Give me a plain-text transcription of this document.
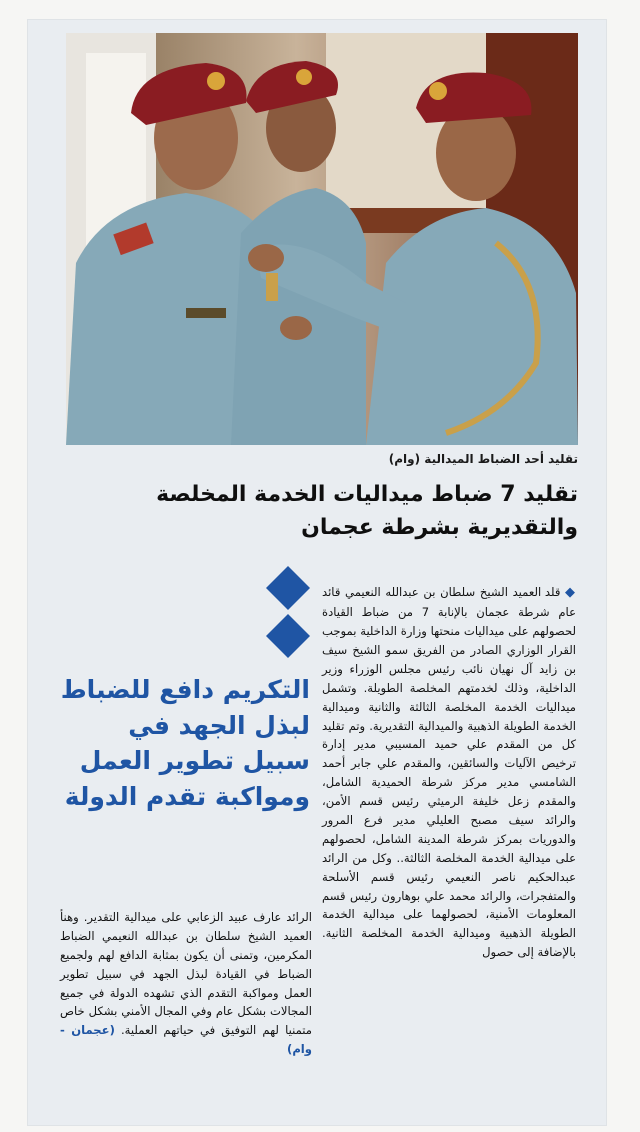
تقليد أحد الضباط الميدالية (وام)
تقليد 7 ضباط ميداليات الخدمة المخلصة والتقديرية بشرطة عجمان
التكريم دافع للضباط لبذل الجهد في سبيل تطوير العمل ومواكبة تقدم الدولة
◆ قلد العميد الشيخ سلطان بن عبدالله النعيمي قائد عام شرطة عجمان بالإنابة 7 من ضباط القيادة لحصولهم على ميداليات منحتها وزارة الداخلية بموجب القرار الوزاري الصادر من الفريق سمو الشيخ سيف بن زايد آل نهيان نائب رئيس مجلس الوزراء وزير الداخلية، وذلك لخدمتهم المخلصة الطويلة. وتشمل ميداليات الخدمة المخلصة الثالثة والثانية وميدالية الخدمة الطويلة الذهبية والميدالية التقديرية. وتم تقليد كل من المقدم علي حميد المسيبي مدير إدارة ترخيص الآليات والسائقين، والمقدم علي جابر أحمد الشامسي مدير مركز شرطة الحميدية الشامل، والمقدم زعل خليفة الرميثي رئيس قسم الأمن، والرائد سيف مصبح العليلي مدير فرع المرور والدوريات بمركز شرطة المدينة الشامل، لحصولهم على ميدالية الخدمة المخلصة الثالثة.. وكل من الرائد عبدالحكيم ناصر النعيمي رئيس قسم الأسلحة والمتفجرات، والرائد محمد علي بوهارون رئيس قسم المعلومات الأمنية، لحصولهما على ميدالية الخدمة الطويلة الذهبية وميدالية الخدمة المخلصة الثانية. بالإضافة إلى حصول
الرائد عارف عبيد الزعابي على ميدالية التقدير. وهنأ العميد الشيخ سلطان بن عبدالله النعيمي الضباط المكرمين، وتمنى أن يكون بمثابة الدافع لهم ولجميع الضباط في القيادة لبذل الجهد في سبيل تطوير العمل ومواكبة التقدم الذي تشهده الدولة في جميع المجالات بشكل عام وفي المجال الأمني بشكل خاص متمنيا لهم التوفيق في حياتهم العملية. (عجمان - وام)
